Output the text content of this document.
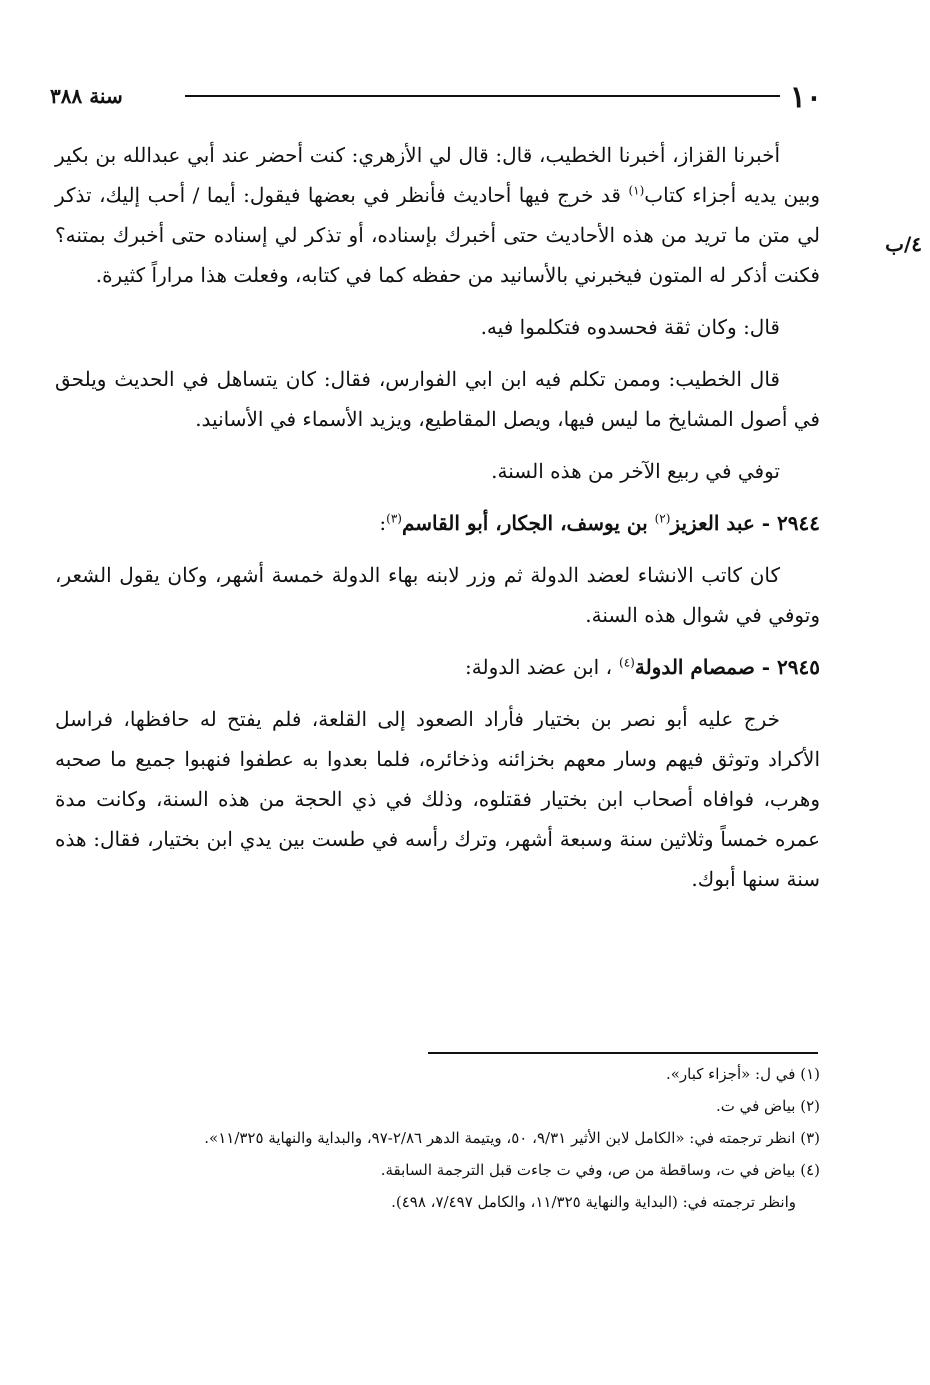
١٠
سنة ٣٨٨
٤/ب

أخبرنا القزاز، أخبرنا الخطيب، قال: قال لي الأزهري: كنت أحضر عند أبي عبدالله بن بكير وبين يديه أجزاء كتاب$^{(١)}$ قد خرج فيها أحاديث فأنظر في بعضها فيقول: أيما / أحب إليك، تذكر لي متن ما تريد من هذه الأحاديث حتى أخبرك بإسناده، أو تذكر لي إسناده حتى أخبرك بمتنه؟ فكنت أذكر له المتون فيخبرني بالأسانيد من حفظه كما في كتابه، وفعلت هذا مراراً كثيرة.

قال: وكان ثقة فحسدوه فتكلموا فيه.

قال الخطيب: وممن تكلم فيه ابن ابي الفوارس، فقال: كان يتساهل في الحديث ويلحق في أصول المشايخ ما ليس فيها، ويصل المقاطيع، ويزيد الأسماء في الأسانيد.

توفي في ربيع الآخر من هذه السنة.

٢٩٤٤ - عبد العزيز$^{(٢)}$ بن يوسف، الجكار، أبو القاسم$^{(٣)}$:

كان كاتب الانشاء لعضد الدولة ثم وزر لابنه بهاء الدولة خمسة أشهر، وكان يقول الشعر، وتوفي في شوال هذه السنة.

٢٩٤٥ - صمصام الدولة$^{(٤)}$ ، ابن عضد الدولة:

خرج عليه أبو نصر بن بختيار فأراد الصعود إلى القلعة، فلم يفتح له حافظها، فراسل الأكراد وتوثق فيهم وسار معهم بخزائنه وذخائره، فلما بعدوا به عطفوا فنهبوا جميع ما صحبه وهرب، فوافاه أصحاب ابن بختيار فقتلوه، وذلك في ذي الحجة من هذه السنة، وكانت مدة عمره خمساً وثلاثين سنة وسبعة أشهر، وترك رأسه في طست بين يدي ابن بختيار، فقال: هذه سنة سنها أبوك.

(١) في ل: «أجزاء كبار».

(٢) بياض في ت.

(٣) انظر ترجمته في: «الكامل لابن الأثير ٩/٣١، ٥٠، ويتيمة الدهر ٢/٨٦-٩٧، والبداية والنهاية ١١/٣٢٥».

(٤) بياض في ت، وساقطة من ص، وفي ت جاءت قبل الترجمة السابقة.

وانظر ترجمته في: (البداية والنهاية ١١/٣٢٥، والكامل ٧/٤٩٧، ٤٩٨).
